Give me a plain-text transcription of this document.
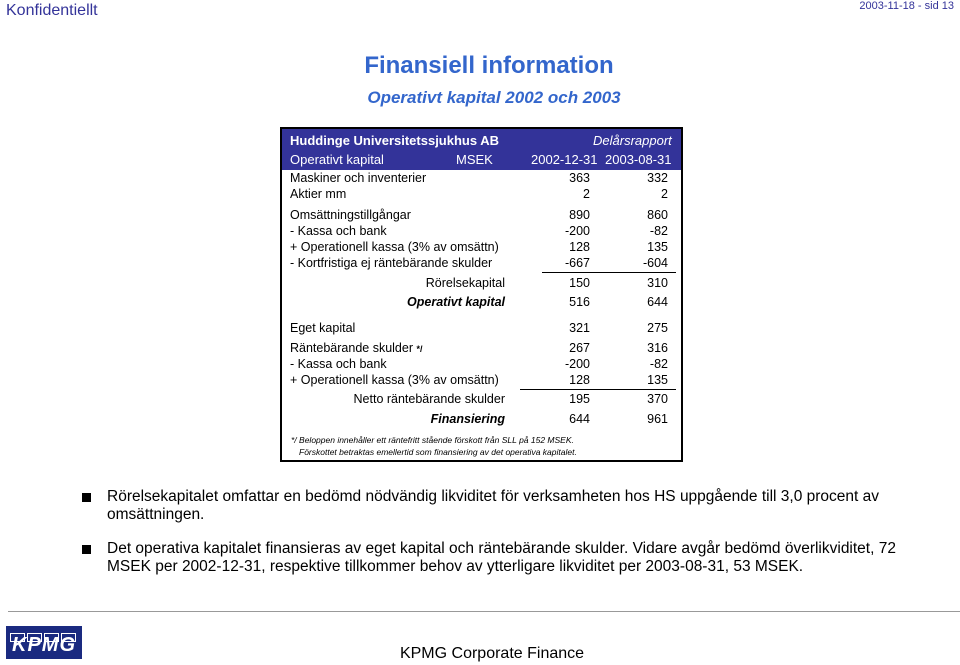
Konfidentiellt	2003-11-18 - sid 13
Finansiell information
Operativt kapital 2002 och 2003
Huddinge Universitetssjukhus AB	Delårsrapport
Operativt kapital	MSEK	2002-12-31 2003-08-31
Maskiner och inventerier	363	332
Aktier mm	2	2
Omsättningstillgångar	890	860
- Kassa och bank	-200	-82
+ Operationell kassa (3% av omsättn)	128	135
- Kortfristiga ej räntebärande skulder	-667	-604
Rörelsekapital	150	310
Operativt kapital	516	644
Eget kapital	321	275
Räntebärande skulder */	267	316
- Kassa och bank	-200	-82
+ Operationell kassa (3% av omsättn)	128	135
Netto räntebärande skulder	195	370
Finansiering	644	961
*/ Beloppen innehåller ett räntefritt stående förskott från SLL på 152 MSEK.
Förskottet betraktas emellertid som finansiering av det operativa kapitalet.
Rörelsekapitalet omfattar en bedömd nödvändig likviditet för verksamheten hos HS uppgående till 3,0 procent av omsättningen.
Det operativa kapitalet finansieras av eget kapital och räntebärande skulder. Vidare avgår bedömd överlikviditet, 72 MSEK per 2002-12-31, respektive tillkommer behov av ytterligare likviditet per 2003-08-31, 53 MSEK.
KPMG	KPMG Corporate Finance
